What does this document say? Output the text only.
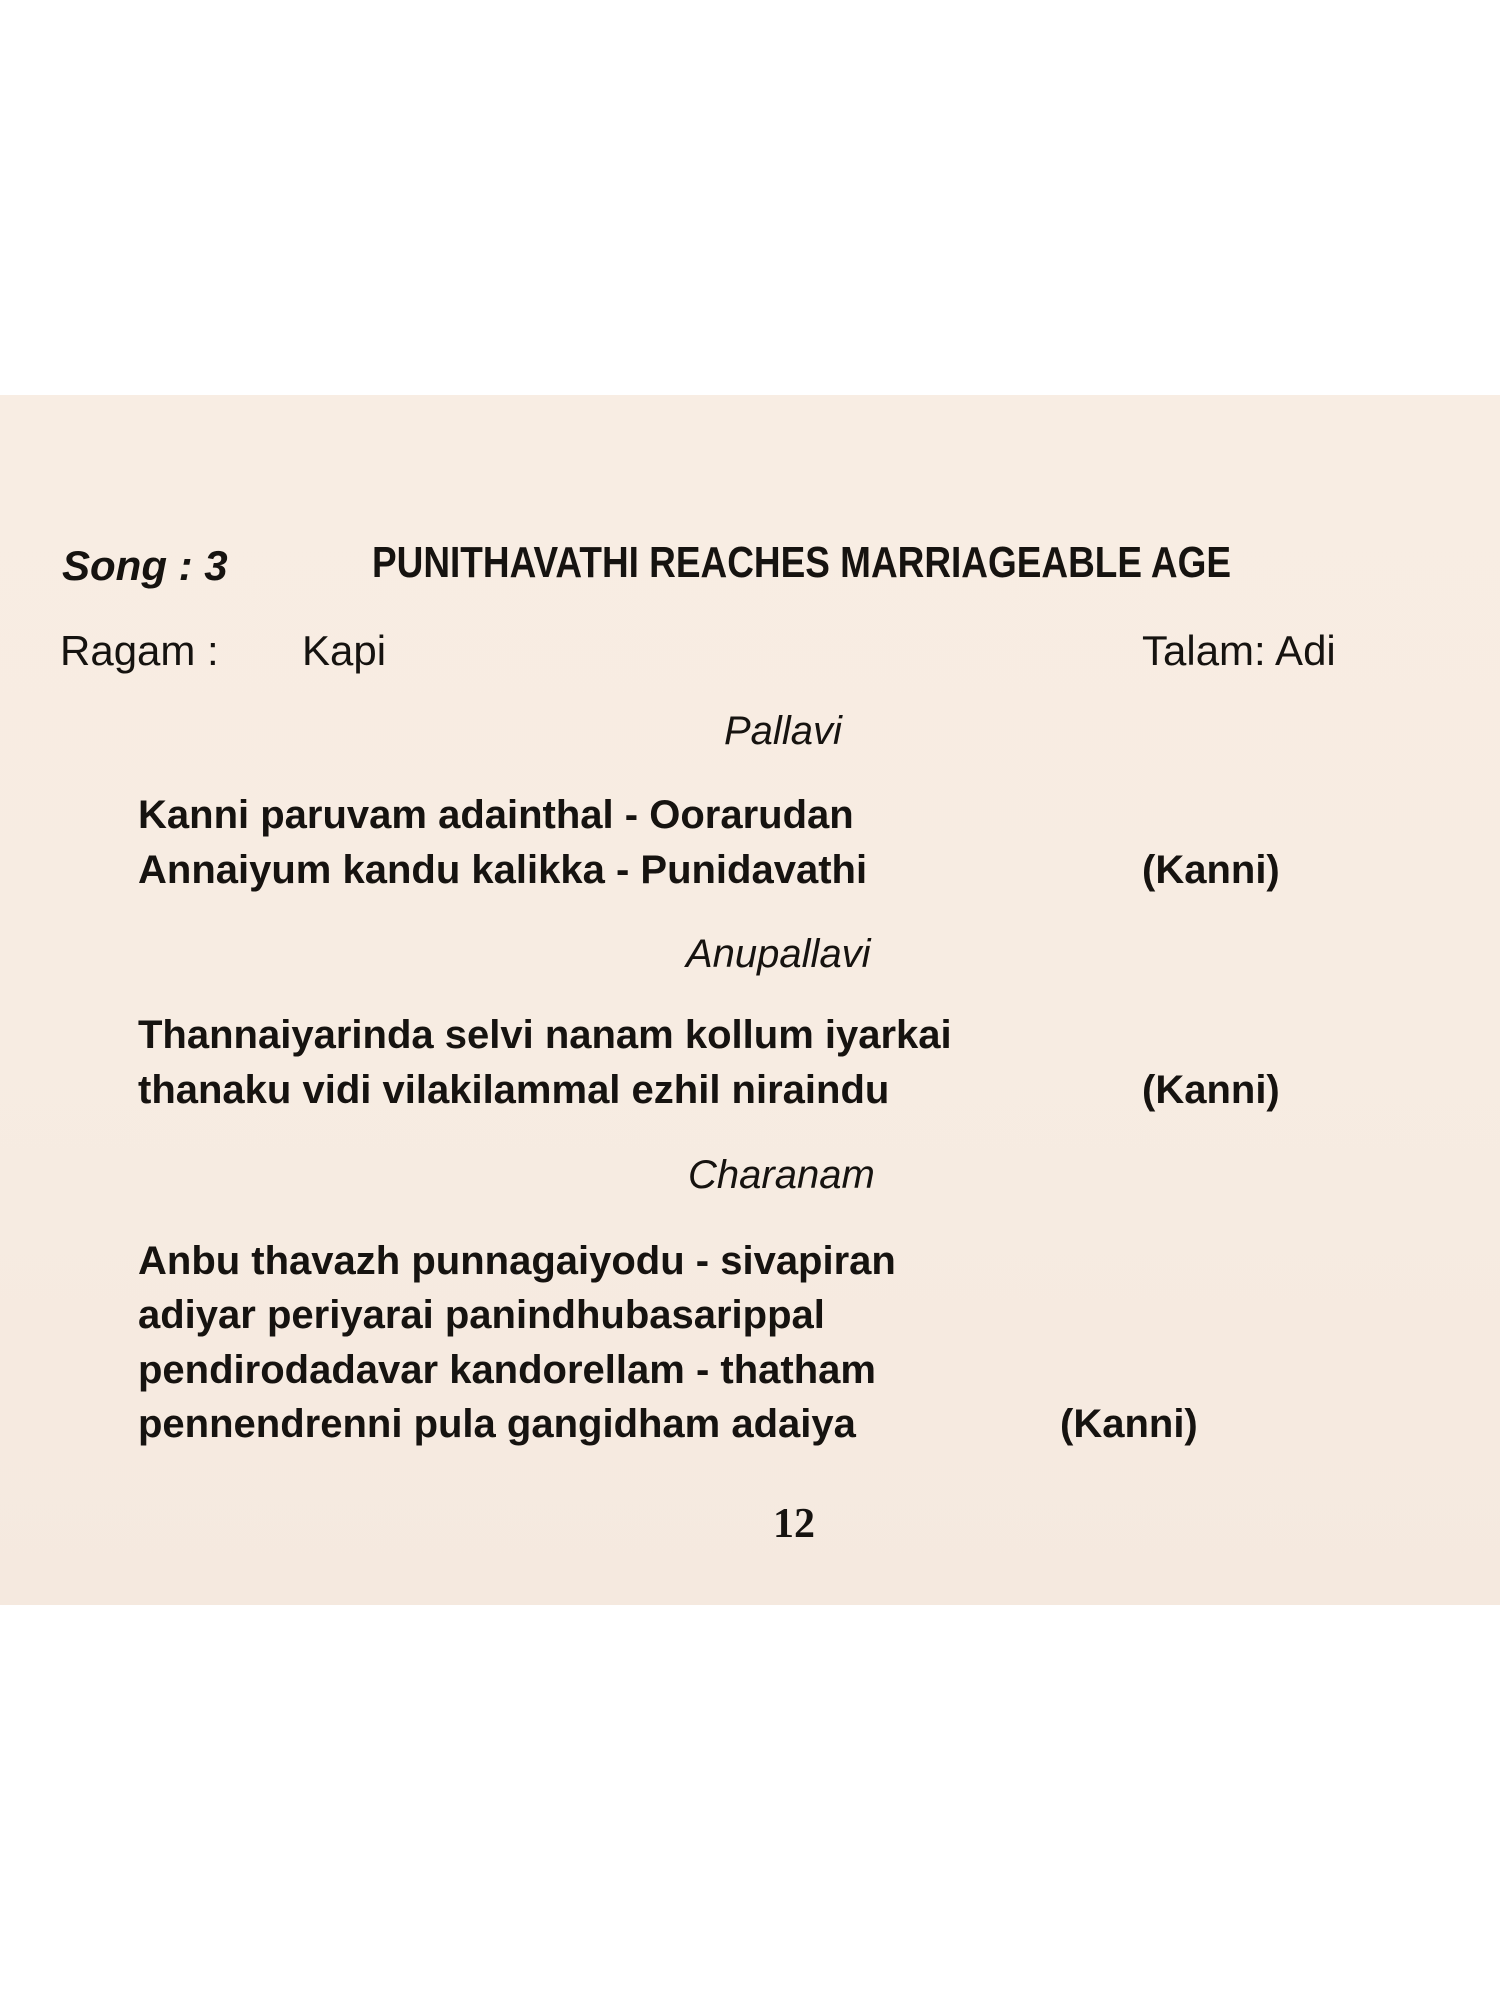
Song : 3	PUNITHAVATHI REACHES MARRIAGEABLE AGE
Ragam : Kapi	Talam: Adi
Pallavi
Kanni paruvam adainthal - Oorarudan
Annaiyum kandu kalikka - Punidavathi	(Kanni)
Anupallavi
Thannaiyarinda selvi nanam kollum iyarkai
thanaku vidi vilakilammal ezhil niraindu	(Kanni)
Charanam
Anbu thavazh punnagaiyodu - sivapiran
adiyar periyarai panindhubasarippal
pendirodadavar kandorellam - thatham
pennendrenni pula gangidham adaiya	(Kanni)
12
